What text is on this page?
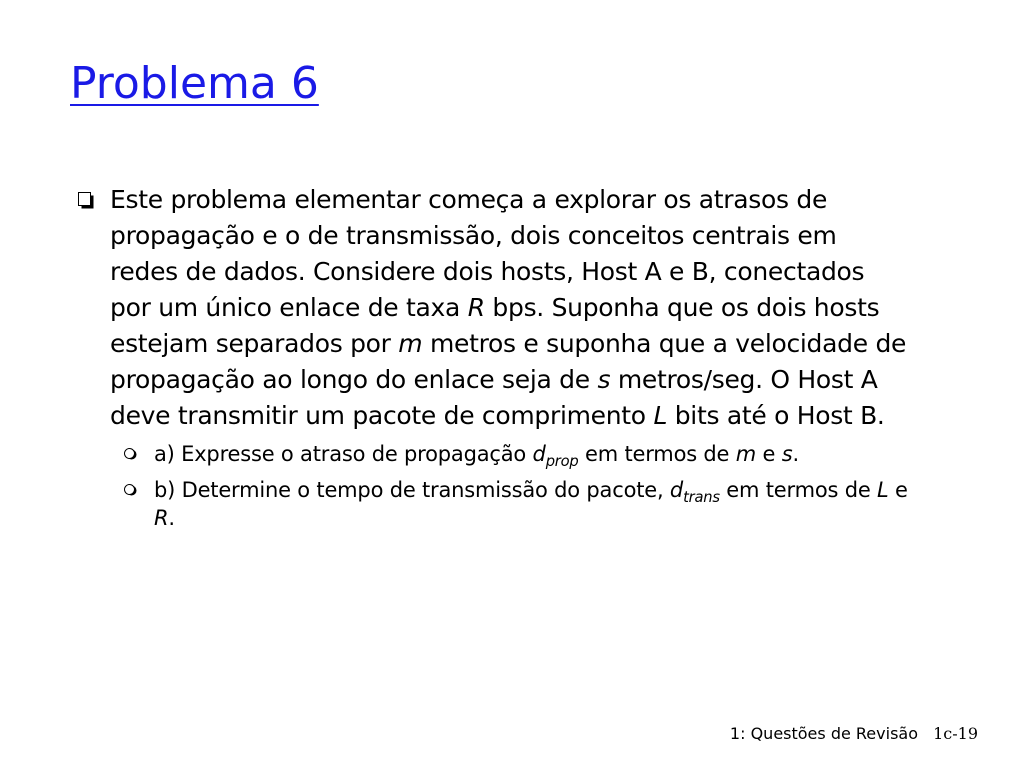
Problema 6
Este problema elementar começa a explorar os atrasos de propagação e o de transmissão, dois conceitos centrais em redes de dados. Considere dois hosts, Host A e B, conectados por um único enlace de taxa R bps. Suponha que os dois hosts estejam separados por m metros e suponha que a velocidade de propagação ao longo do enlace seja de s metros/seg. O Host A deve transmitir um pacote de comprimento L bits até o Host B.
a) Expresse o atraso de propagação $d_{prop}$ em termos de m e s.
b) Determine o tempo de transmissão do pacote, $d_{trans}$ em termos de L e R.
1: Questões de Revisão 1c-19
